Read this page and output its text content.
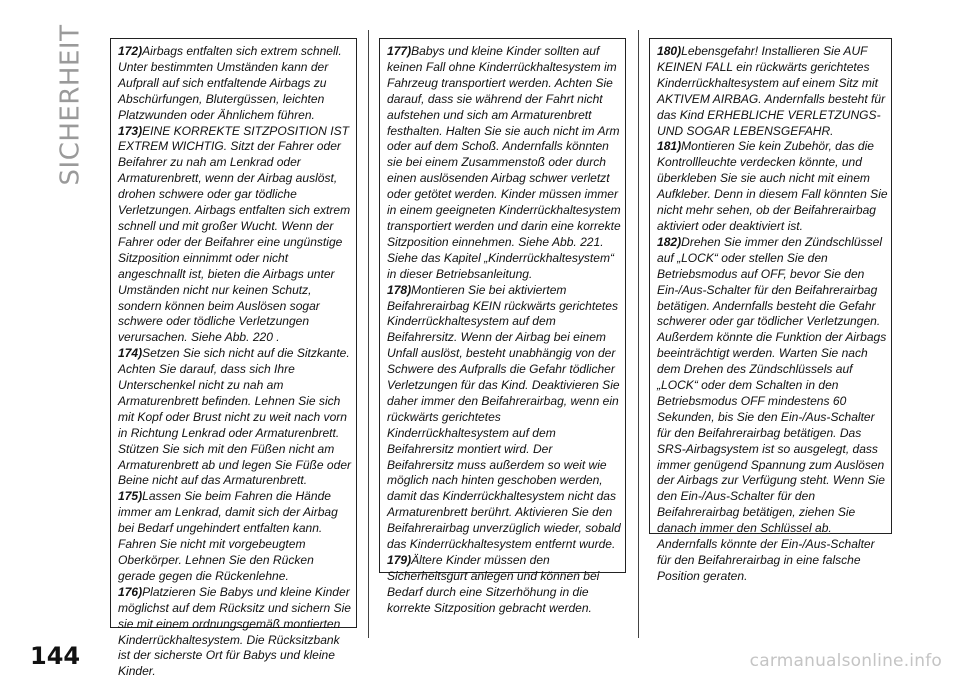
SICHERHEIT	172)Airbags entfalten sich extrem schnell. Unter bestimmten Umständen kann der Aufprall auf sich entfaltende Airbags zu Abschürfungen, Blutergüssen, leichten Platzwunden oder Ähnlichem führen.

173)EINE KORREKTE SITZPOSITION IST EXTREM WICHTIG. Sitzt der Fahrer oder Beifahrer zu nah am Lenkrad oder Armaturenbrett, wenn der Airbag auslöst, drohen schwere oder gar tödliche Verletzungen. Airbags entfalten sich extrem schnell und mit großer Wucht. Wenn der Fahrer oder der Beifahrer eine ungünstige Sitzposition einnimmt oder nicht angeschnallt ist, bieten die Airbags unter Umständen nicht nur keinen Schutz, sondern können beim Auslösen sogar schwere oder tödliche Verletzungen verursachen. Siehe Abb. 220 .

174)Setzen Sie sich nicht auf die Sitzkante. Achten Sie darauf, dass sich Ihre Unterschenkel nicht zu nah am Armaturenbrett befinden. Lehnen Sie sich mit Kopf oder Brust nicht zu weit nach vorn in Richtung Lenkrad oder Armaturenbrett. Stützen Sie sich mit den Füßen nicht am Armaturenbrett ab und legen Sie Füße oder Beine nicht auf das Armaturenbrett.

175)Lassen Sie beim Fahren die Hände immer am Lenkrad, damit sich der Airbag bei Bedarf ungehindert entfalten kann. Fahren Sie nicht mit vorgebeugtem Oberkörper. Lehnen Sie den Rücken gerade gegen die Rückenlehne.

176)Platzieren Sie Babys und kleine Kinder möglichst auf dem Rücksitz und sichern Sie sie mit einem ordnungsgemäß montierten Kinderrückhaltesystem. Die Rücksitzbank ist der sicherste Ort für Babys und kleine Kinder.

177)Babys und kleine Kinder sollten auf keinen Fall ohne Kinderrückhaltesystem im Fahrzeug transportiert werden. Achten Sie darauf, dass sie während der Fahrt nicht aufstehen und sich am Armaturenbrett festhalten. Halten Sie sie auch nicht im Arm oder auf dem Schoß. Andernfalls könnten sie bei einem Zusammenstoß oder durch einen auslösenden Airbag schwer verletzt oder getötet werden. Kinder müssen immer in einem geeigneten Kinderrückhaltesystem transportiert werden und darin eine korrekte Sitzposition einnehmen. Siehe Abb. 221. Siehe das Kapitel „Kinderrückhaltesystem“ in dieser Betriebsanleitung.

178)Montieren Sie bei aktiviertem Beifahrerairbag KEIN rückwärts gerichtetes Kinderrückhaltesystem auf dem Beifahrersitz. Wenn der Airbag bei einem Unfall auslöst, besteht unabhängig von der Schwere des Aufpralls die Gefahr tödlicher Verletzungen für das Kind. Deaktivieren Sie daher immer den Beifahrerairbag, wenn ein rückwärts gerichtetes Kinderrückhaltesystem auf dem Beifahrersitz montiert wird. Der Beifahrersitz muss außerdem so weit wie möglich nach hinten geschoben werden, damit das Kinderrückhaltesystem nicht das Armaturenbrett berührt. Aktivieren Sie den Beifahrerairbag unverzüglich wieder, sobald das Kinderrückhaltesystem entfernt wurde.

179)Ältere Kinder müssen den Sicherheitsgurt anlegen und können bei Bedarf durch eine Sitzerhöhung in die korrekte Sitzposition gebracht werden.

180)Lebensgefahr! Installieren Sie AUF KEINEN FALL ein rückwärts gerichtetes Kinderrückhaltesystem auf einem Sitz mit AKTIVEM AIRBAG. Andernfalls besteht für das Kind ERHEBLICHE VERLETZUNGS- UND SOGAR LEBENSGEFAHR.

181)Montieren Sie kein Zubehör, das die Kontrollleuchte verdecken könnte, und überkleben Sie sie auch nicht mit einem Aufkleber. Denn in diesem Fall könnten Sie nicht mehr sehen, ob der Beifahrerairbag aktiviert oder deaktiviert ist.

182)Drehen Sie immer den Zündschlüssel auf „LOCK“ oder stellen Sie den Betriebsmodus auf OFF, bevor Sie den Ein-/Aus-Schalter für den Beifahrerairbag betätigen. Andernfalls besteht die Gefahr schwerer oder gar tödlicher Verletzungen. Außerdem könnte die Funktion der Airbags beeinträchtigt werden. Warten Sie nach dem Drehen des Zündschlüssels auf „LOCK“ oder dem Schalten in den Betriebsmodus OFF mindestens 60 Sekunden, bis Sie den Ein-/Aus-Schalter für den Beifahrerairbag betätigen. Das SRS-Airbagsystem ist so ausgelegt, dass immer genügend Spannung zum Auslösen der Airbags zur Verfügung steht. Wenn Sie den Ein-/Aus-Schalter für den Beifahrerairbag betätigen, ziehen Sie danach immer den Schlüssel ab. Andernfalls könnte der Ein-/Aus-Schalter für den Beifahrerairbag in eine falsche Position geraten.

144	carmanualsonline.info
